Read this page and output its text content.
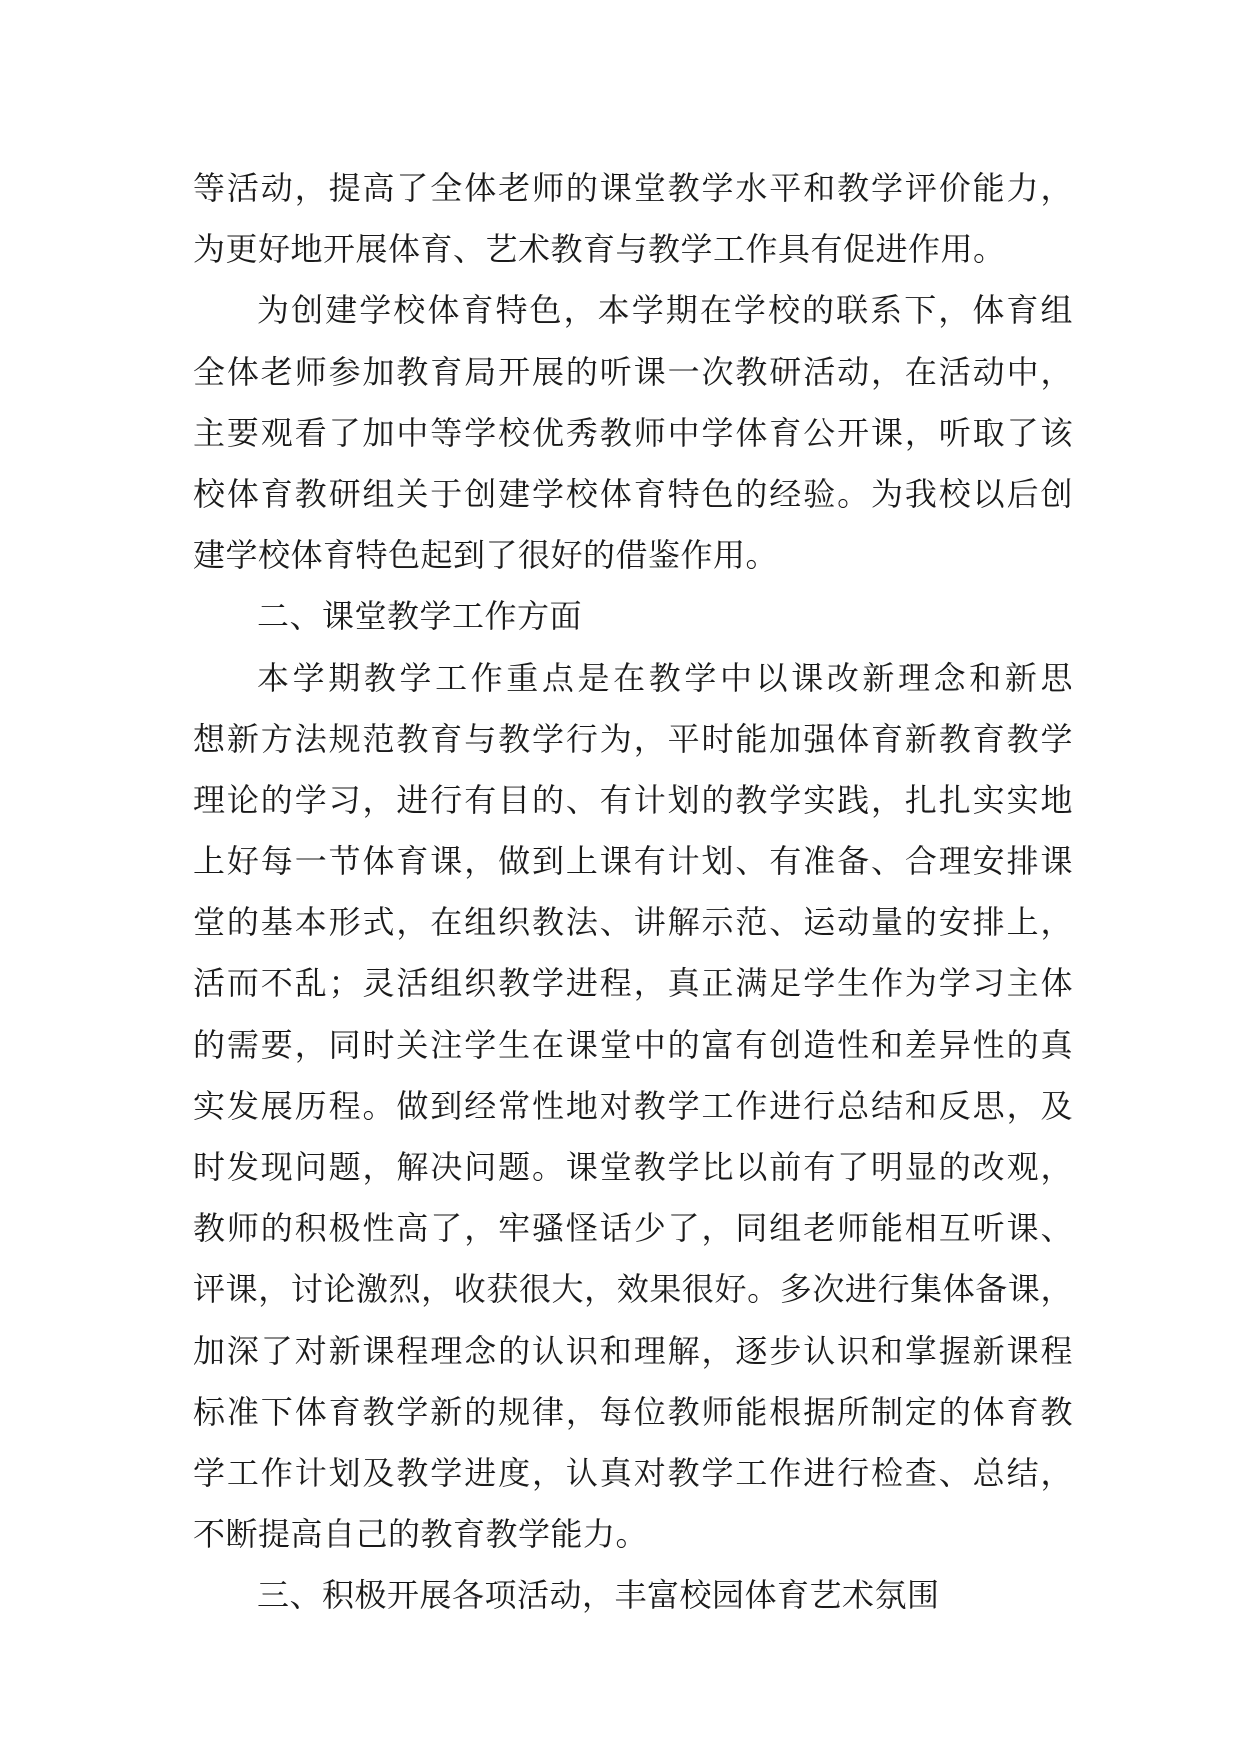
等活动，提高了全体老师的课堂教学水平和教学评价能力，
为更好地开展体育、艺术教育与教学工作具有促进作用。
为创建学校体育特色，本学期在学校的联系下，体育组
全体老师参加教育局开展的听课一次教研活动，在活动中，
主要观看了加中等学校优秀教师中学体育公开课，听取了该
校体育教研组关于创建学校体育特色的经验。为我校以后创
建学校体育特色起到了很好的借鉴作用。
二、课堂教学工作方面
本学期教学工作重点是在教学中以课改新理念和新思
想新方法规范教育与教学行为，平时能加强体育新教育教学
理论的学习，进行有目的、有计划的教学实践，扎扎实实地
上好每一节体育课，做到上课有计划、有准备、合理安排课
堂的基本形式，在组织教法、讲解示范、运动量的安排上，
活而不乱；灵活组织教学进程，真正满足学生作为学习主体
的需要，同时关注学生在课堂中的富有创造性和差异性的真
实发展历程。做到经常性地对教学工作进行总结和反思，及
时发现问题，解决问题。课堂教学比以前有了明显的改观，
教师的积极性高了，牢骚怪话少了，同组老师能相互听课、
评课，讨论激烈，收获很大，效果很好。多次进行集体备课，
加深了对新课程理念的认识和理解，逐步认识和掌握新课程
标准下体育教学新的规律，每位教师能根据所制定的体育教
学工作计划及教学进度，认真对教学工作进行检查、总结，
不断提高自己的教育教学能力。
三、积极开展各项活动，丰富校园体育艺术氛围
